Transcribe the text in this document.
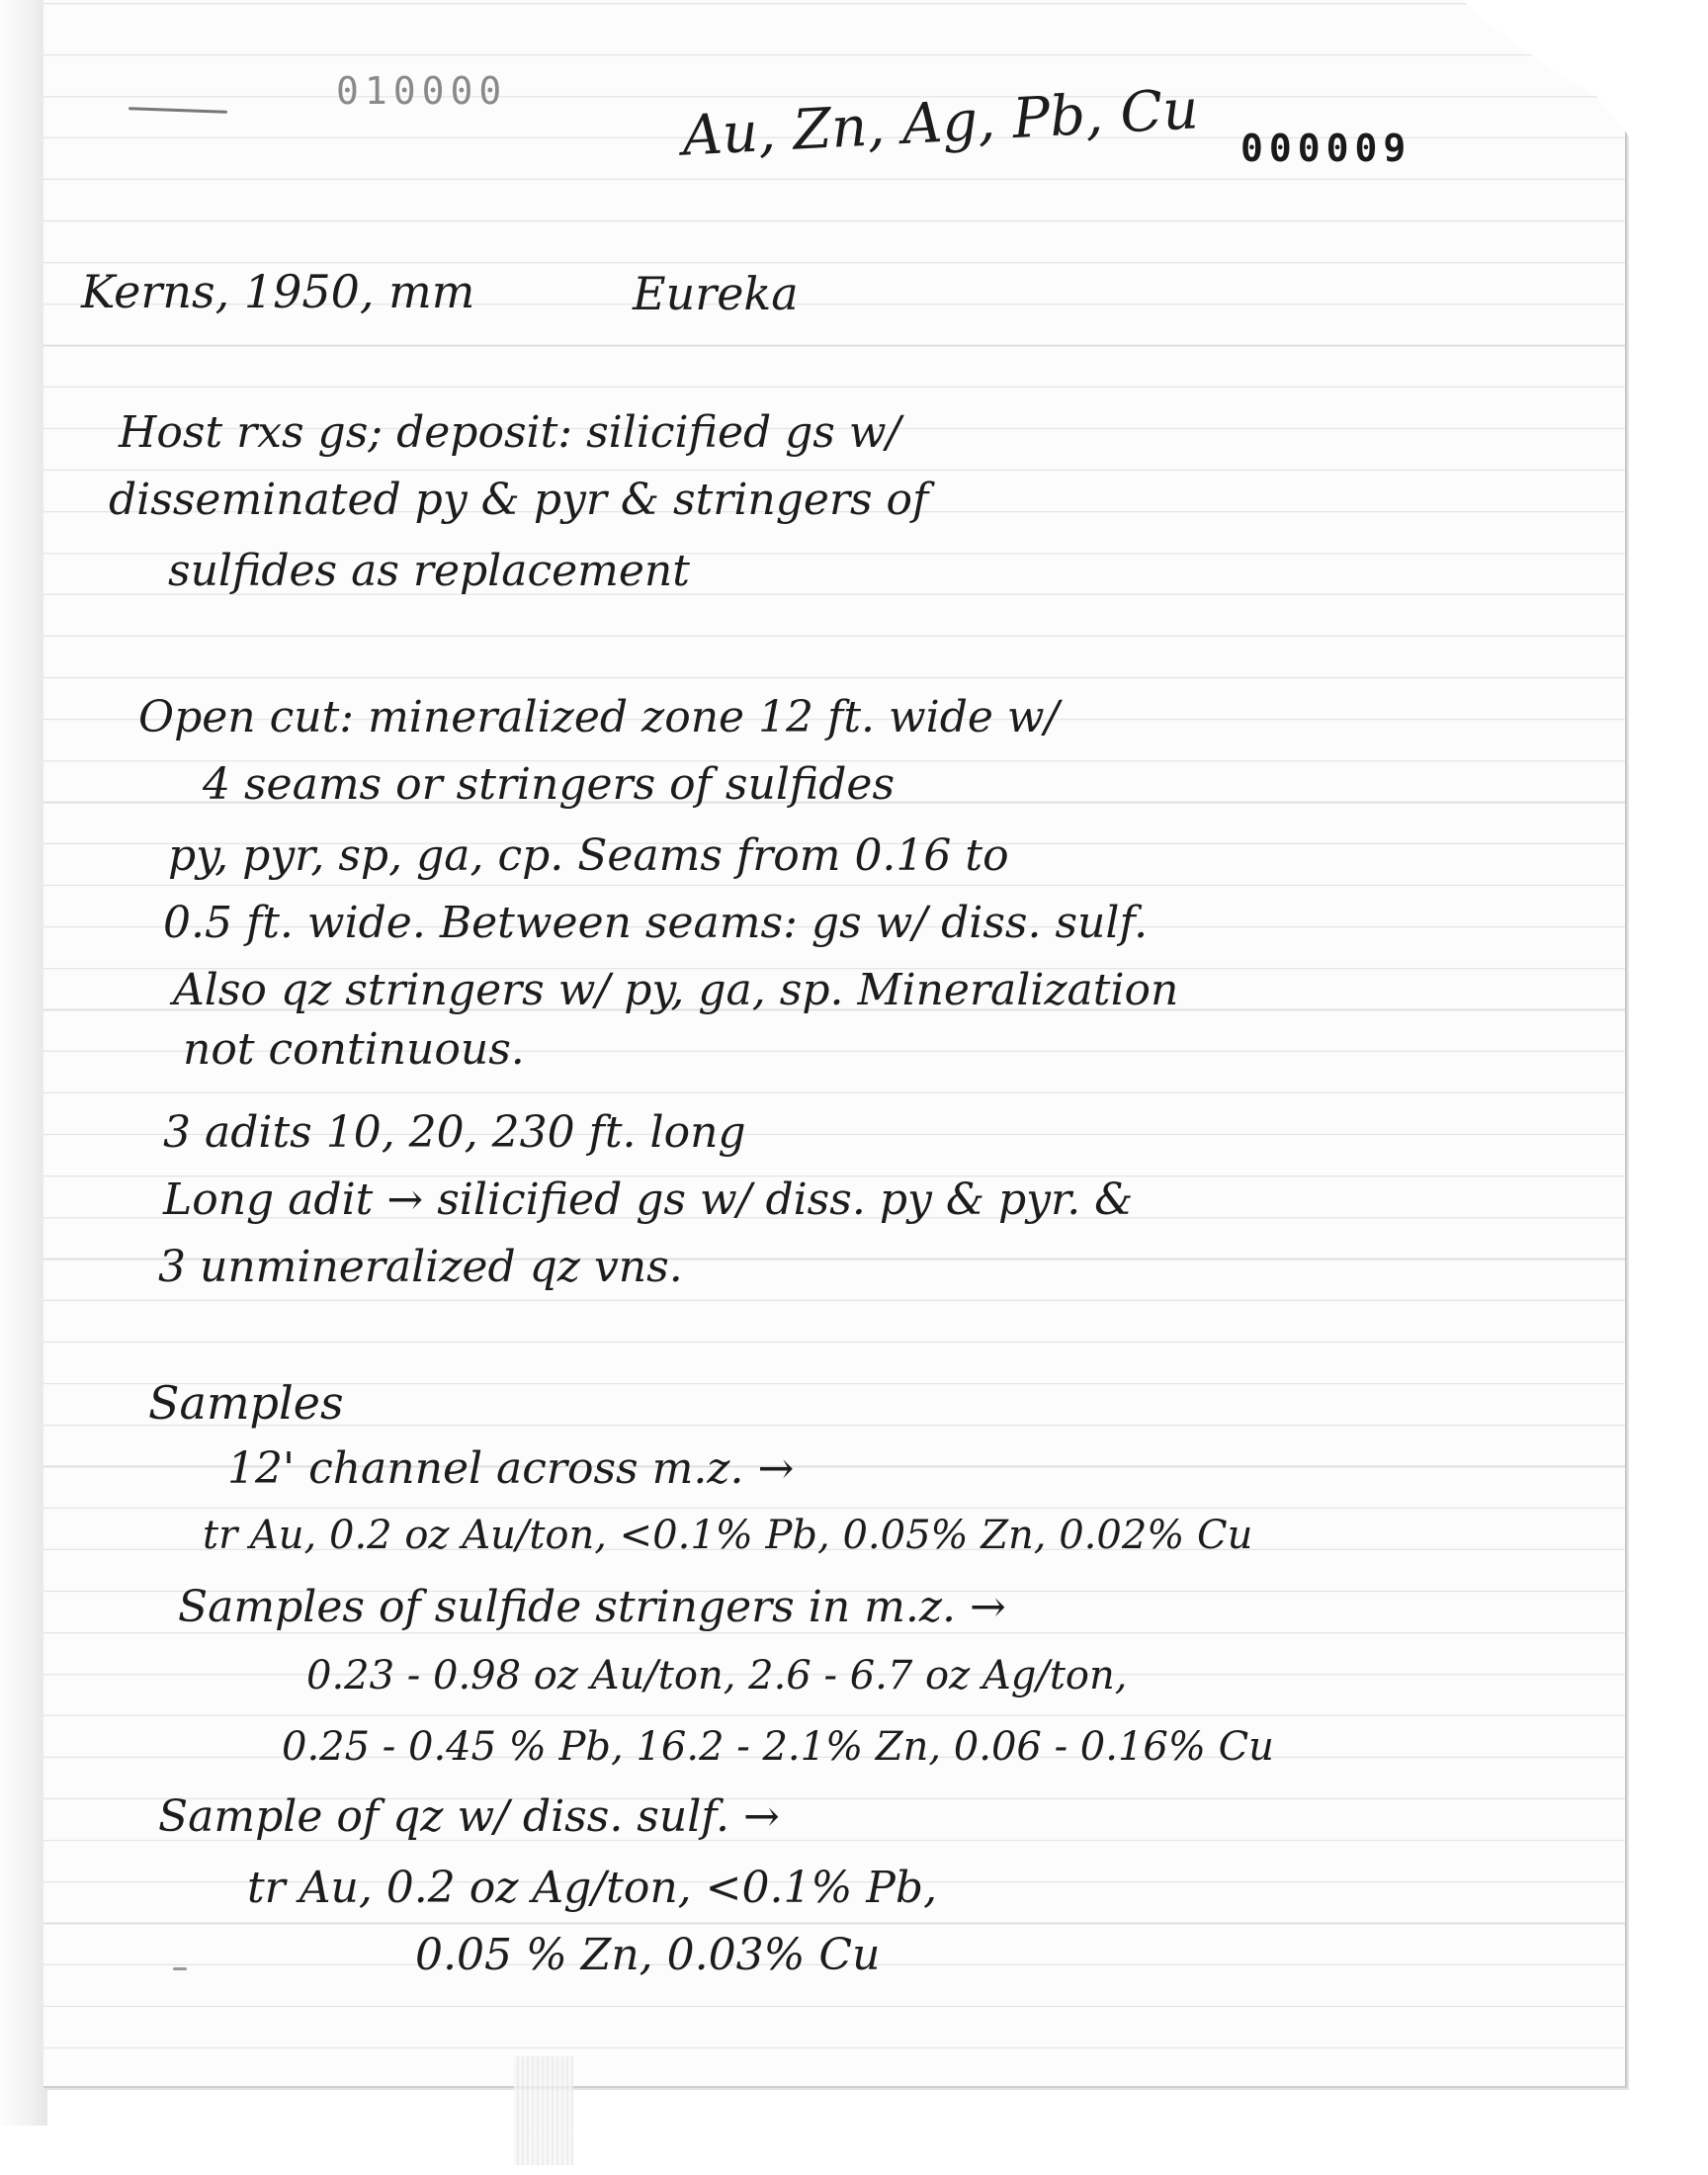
010000
000009

Au, Zn, Ag, Pb, Cu

Kerns, 1950, mm	Eureka

Host rxs gs; deposit: silicified gs w/

disseminated py & pyr & stringers of

sulfides as replacement

Open cut: mineralized zone 12 ft. wide w/

4 seams or stringers of sulfides

py, pyr, sp, ga, cp. Seams from 0.16 to

0.5 ft. wide. Between seams: gs w/ diss. sulf.

Also qz stringers w/ py, ga, sp. Mineralization

not continuous.

3 adits 10, 20, 230 ft. long

Long adit → silicified gs w/ diss. py & pyr. &

3 unmineralized qz vns.

Samples

12' channel across m.z. →

tr Au, 0.2 oz Au/ton, <0.1% Pb, 0.05% Zn, 0.02% Cu

Samples of sulfide stringers in m.z. →

0.23 - 0.98 oz Au/ton, 2.6 - 6.7 oz Ag/ton,

0.25 - 0.45 % Pb, 16.2 - 2.1% Zn, 0.06 - 0.16% Cu

Sample of qz w/ diss. sulf. →

tr Au, 0.2 oz Ag/ton, <0.1% Pb,

0.05 % Zn, 0.03% Cu
